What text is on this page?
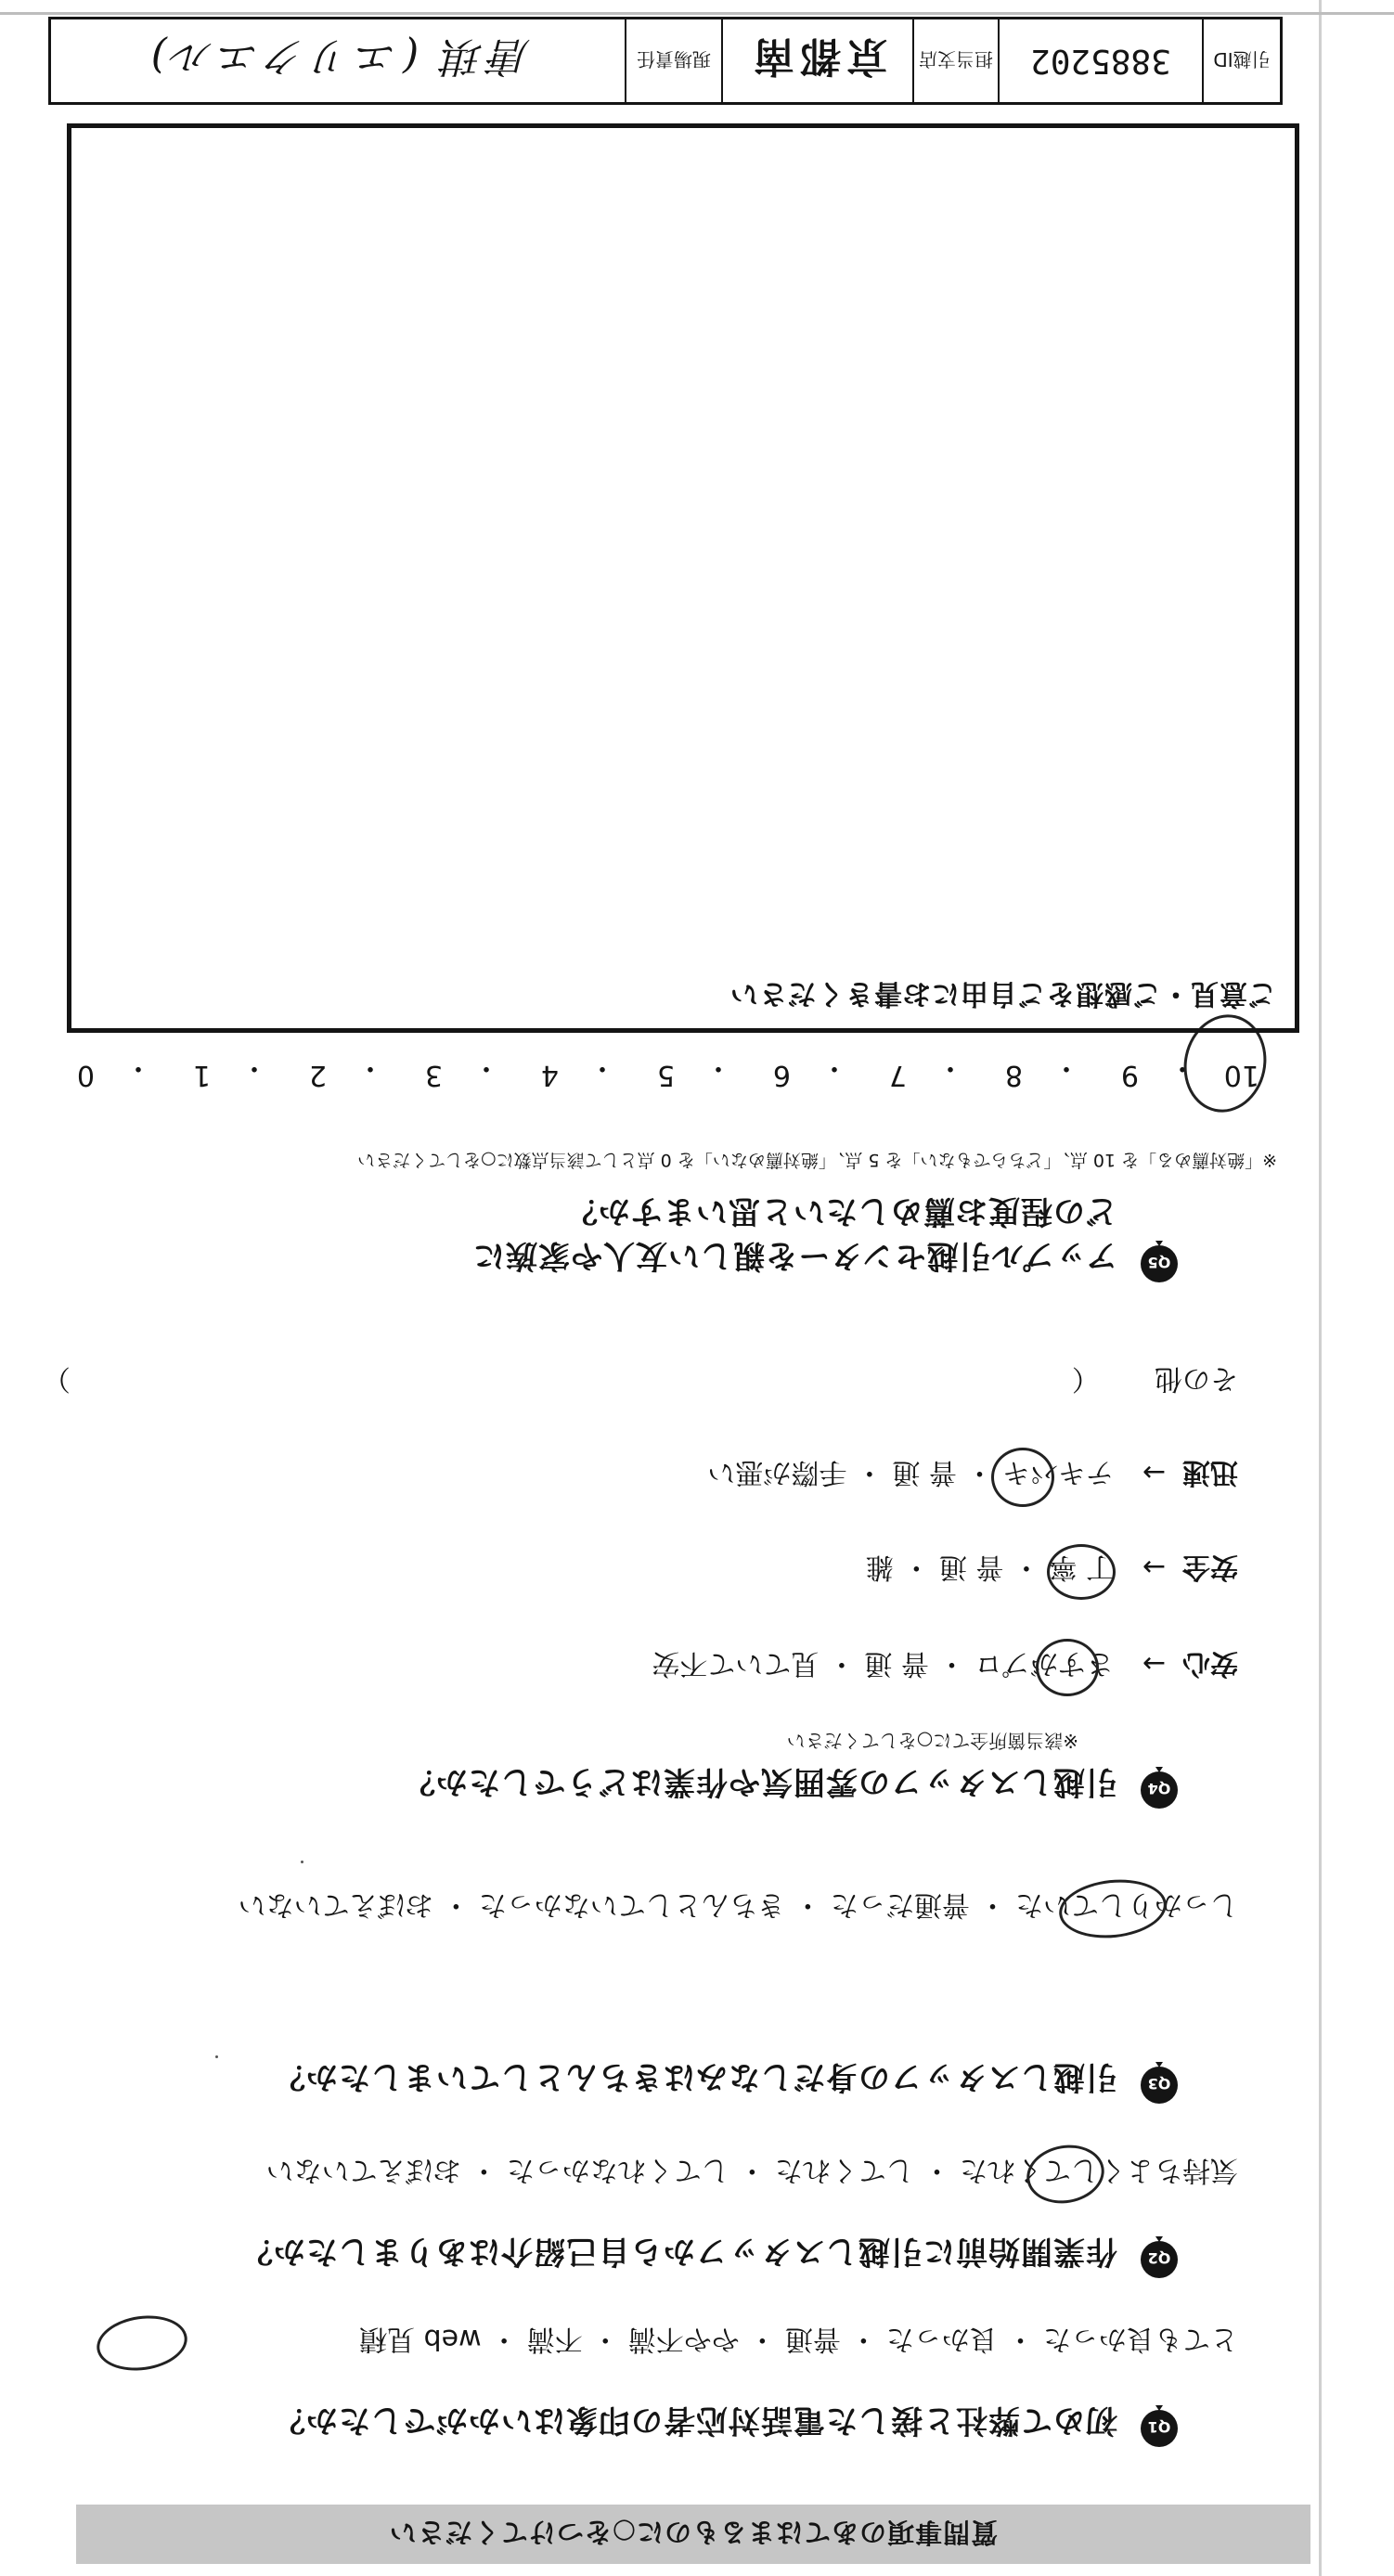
質問事項のあてはまるものに○をつけてください
Q1
初めて弊社と接した電話対応者の印象はいかがでしたか？
とても良かった ・ 良かった ・ 普通 ・ やや不満 ・ 不満 ・ web 見積
Q2
作業開始前に引越しスタッフから自己紹介はありましたか？
気持ちよくしてくれた ・ してくれた ・ してくれなかった ・ おぼえていない
Q3
引越しスタッフの身だしなみはきちんとしていましたか？
しっかりしていた ・ 普通だった ・ きちんとしていなかった ・ おぼえていない
Q4
引越しスタッフの雰囲気や作業はどうでしたか？
※該当箇所全てに○をしてください
安心→さすがプロ ・ 普 通 ・ 見ていて不安
安全→丁 寧 ・ 普 通 ・ 雑
迅速→テキパキ ・ 普 通 ・ 手際が悪い
その他  （  ）
Q5
アップル引越センターを親しい友人や家族に
どの程度お薦めしたいと思いますか？
※「絶対薦める」を 10 点、「どちらでもない」を 5 点、「絶対薦めない」を 0 点として該当点数に○をしてください
10
・
9
・
8
・
7
・
6
・
5
・
4
・
3
・
2
・
1
・
0
ご意見・ご感想をご自由にお書きください
引越ID
3885202
担当支店
京都南
現場責任
唐琪 (エリクエル)
